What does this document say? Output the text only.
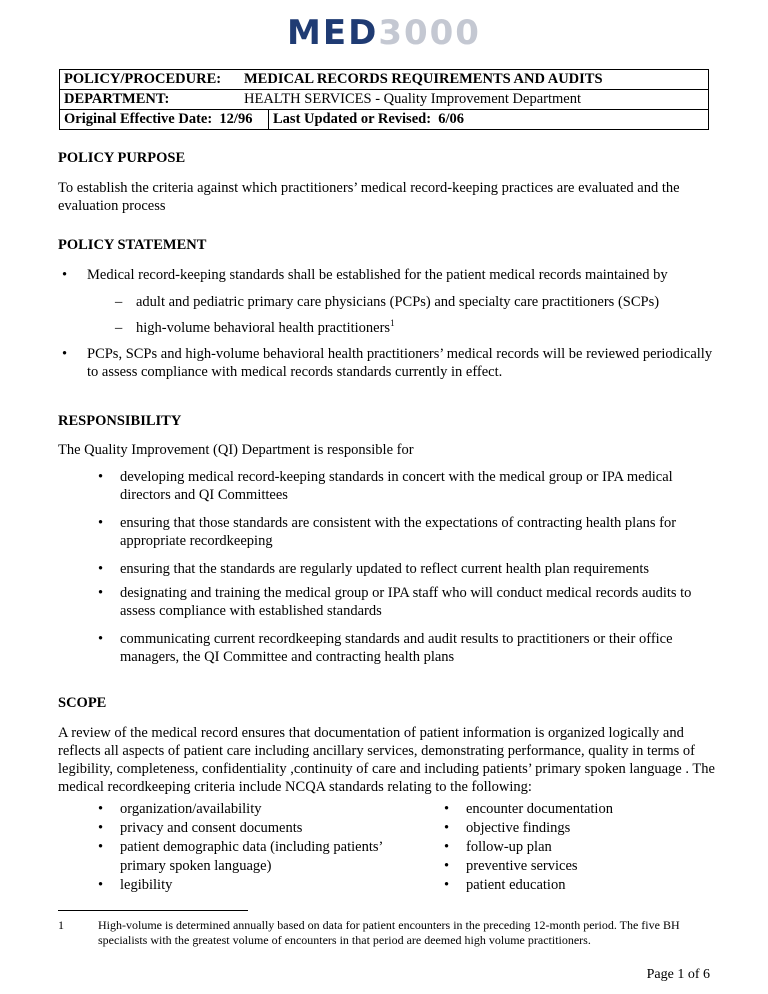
MED3000
POLICY/PROCEDURE: MEDICAL RECORDS REQUIREMENTS AND AUDITS
DEPARTMENT:	HEALTH SERVICES - Quality Improvement Department
Original Effective Date: 12/96	Last Updated or Revised: 6/06
POLICY PURPOSE

To establish the criteria against which practitioners’ medical record-keeping practices are evaluated and the evaluation process

POLICY STATEMENT
• Medical record-keeping standards shall be established for the patient medical records maintained by
– adult and pediatric primary care physicians (PCPs) and specialty care practitioners (SCPs)
– high-volume behavioral health practitioners$^1$
• PCPs, SCPs and high-volume behavioral health practitioners’ medical records will be reviewed periodically to assess compliance with medical records standards currently in effect.
RESPONSIBILITY

The Quality Improvement (QI) Department is responsible for

• developing medical record-keeping standards in concert with the medical group or IPA medical directors and QI Committees
• ensuring that those standards are consistent with the expectations of contracting health plans for appropriate recordkeeping
• ensuring that the standards are regularly updated to reflect current health plan requirements
• designating and training the medical group or IPA staff who will conduct medical records audits to assess compliance with established standards
• communicating current recordkeeping standards and audit results to practitioners or their office managers, the QI Committee and contracting health plans
SCOPE

A review of the medical record ensures that documentation of patient information is organized logically and reflects all aspects of patient care including ancillary services, demonstrating performance, quality in terms of legibility, completeness, confidentiality ,continuity of care and including patients’ primary spoken language . The medical recordkeeping criteria include NCQA standards relating to the following:

• organization/availability
• privacy and consent documents
• patient demographic data (including patients’
primary spoken language)
• legibility
• encounter documentation
• objective findings
• follow-up plan
• preventive services
• patient education
1	High-volume is determined annually based on data for patient encounters in the preceding 12-month period. The five BH specialists with the greatest volume of encounters in that period are deemed high volume practitioners.

Page 1 of 6
